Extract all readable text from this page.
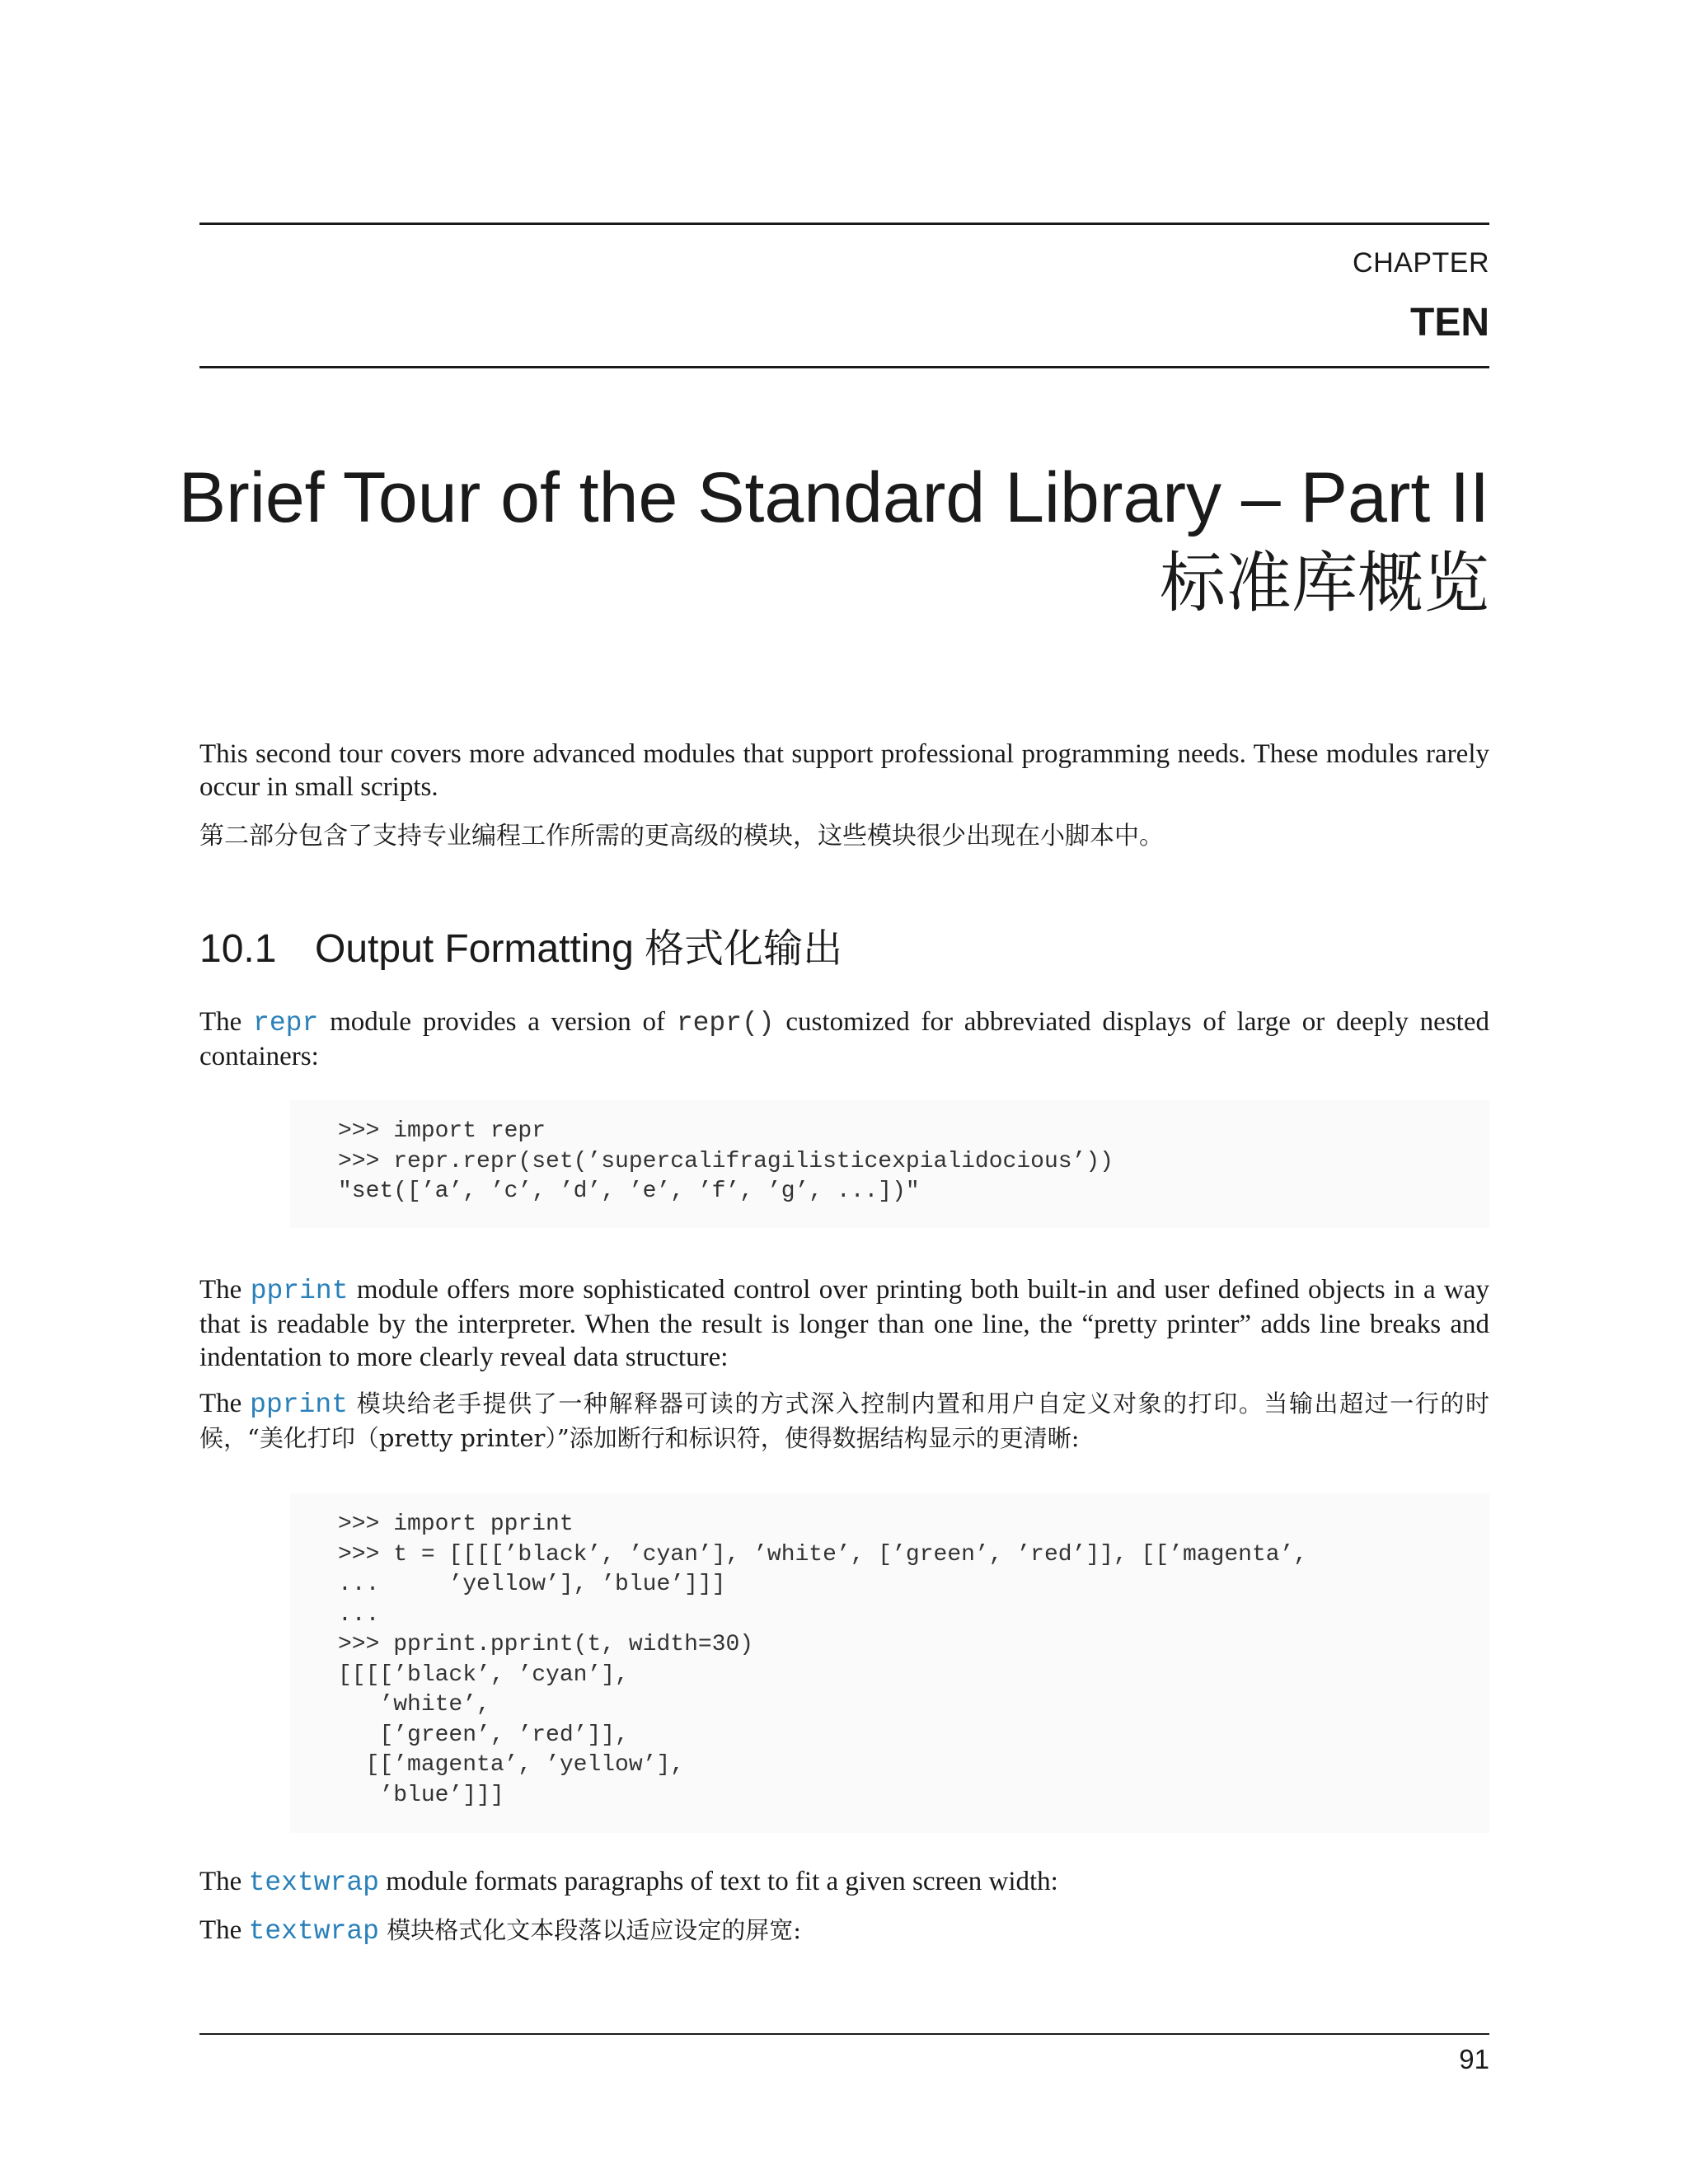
CHAPTER
TEN
Brief Tour of the Standard Library – Part II
标准库概览
This second tour covers more advanced modules that support professional programming needs. These modules rarely occur in small scripts.
第二部分包含了支持专业编程工作所需的更高级的模块，这些模块很少出现在小脚本中。
10.1 Output Formatting 格式化输出
The repr module provides a version of repr() customized for abbreviated displays of large or deeply nested containers:
>>> import repr
>>> repr.repr(set(’supercalifragilisticexpialidocious’))
"set([’a’, ’c’, ’d’, ’e’, ’f’, ’g’, ...])"
The pprint module offers more sophisticated control over printing both built-in and user defined objects in a way that is readable by the interpreter. When the result is longer than one line, the “pretty printer” adds line breaks and indentation to more clearly reveal data structure:
The pprint 模块给老手提供了一种解释器可读的方式深入控制内置和用户自定义对象的打印。当输出超过一行的时候，“美化打印（pretty printer）”添加断行和标识符，使得数据结构显示的更清晰:
>>> import pprint
>>> t = [[[[’black’, ’cyan’], ’white’, [’green’, ’red’]], [[’magenta’,
...     ’yellow’], ’blue’]]]
...
>>> pprint.pprint(t, width=30)
[[[[’black’, ’cyan’],
’white’,
[’green’, ’red’]],
[[’magenta’, ’yellow’],
’blue’]]]
The textwrap module formats paragraphs of text to fit a given screen width:
The textwrap 模块格式化文本段落以适应设定的屏宽:
91
